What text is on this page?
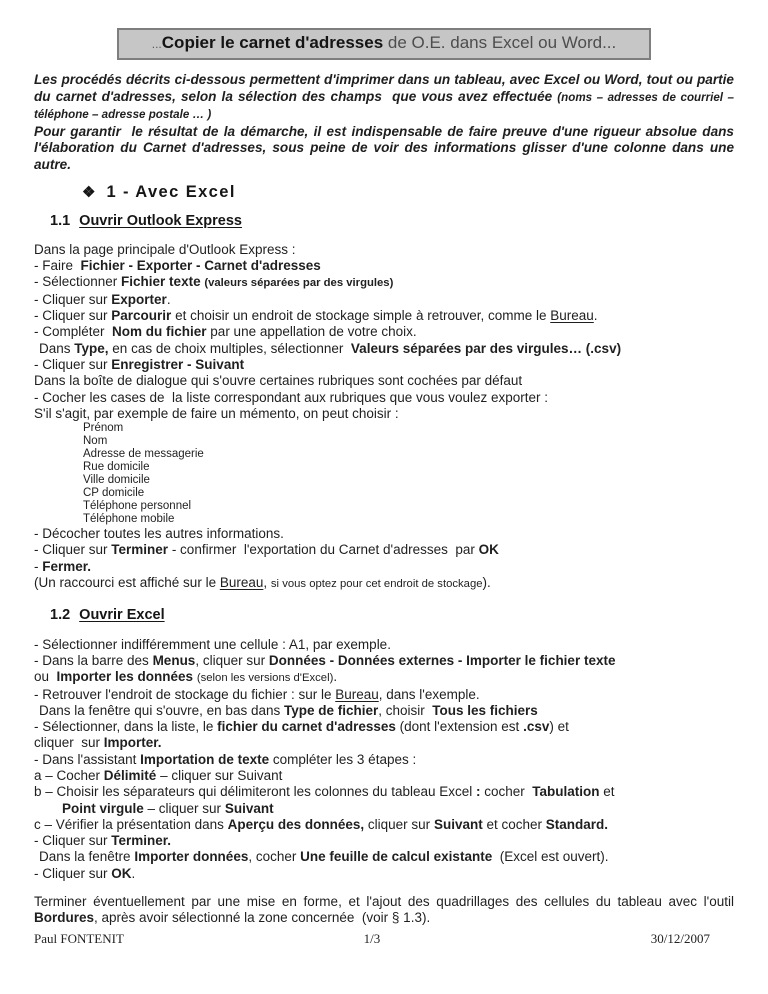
...Copier le carnet d'adresses de O.E. dans Excel ou Word...
Les procédés décrits ci-dessous permettent d'imprimer dans un tableau, avec Excel ou Word, tout ou partie du carnet d'adresses, selon la sélection des champs  que vous avez effectuée (noms – adresses de courriel – téléphone – adresse postale … )
Pour garantir  le résultat de la démarche, il est indispensable de faire preuve d'une rigueur absolue dans l'élaboration du Carnet d'adresses, sous peine de voir des informations glisser d'une colonne dans une autre.
❖ 1 - Avec Excel
1.1 Ouvrir Outlook Express
Dans la page principale d'Outlook Express :
- Faire  Fichier - Exporter - Carnet d'adresses
- Sélectionner Fichier texte (valeurs séparées par des virgules)
- Cliquer sur Exporter.
- Cliquer sur Parcourir et choisir un endroit de stockage simple à retrouver, comme le Bureau.
- Compléter  Nom du fichier par une appellation de votre choix.
Dans Type, en cas de choix multiples, sélectionner  Valeurs séparées par des virgules… (.csv)
- Cliquer sur Enregistrer - Suivant
Dans la boîte de dialogue qui s'ouvre certaines rubriques sont cochées par défaut
- Cocher les cases de  la liste correspondant aux rubriques que vous voulez exporter :
S'il s'agit, par exemple de faire un mémento, on peut choisir :
Prénom
Nom
Adresse de messagerie
Rue domicile
Ville domicile
CP domicile
Téléphone personnel
Téléphone mobile
- Décocher toutes les autres informations.
- Cliquer sur Terminer - confirmer  l'exportation du Carnet d'adresses  par OK
- Fermer.
(Un raccourci est affiché sur le Bureau, si vous optez pour cet endroit de stockage).
1.2 Ouvrir Excel
- Sélectionner indifféremment une cellule : A1, par exemple.
- Dans la barre des Menus, cliquer sur Données - Données externes - Importer le fichier texte
ou  Importer les données (selon les versions d'Excel).
- Retrouver l'endroit de stockage du fichier : sur le Bureau, dans l'exemple.
Dans la fenêtre qui s'ouvre, en bas dans Type de fichier, choisir  Tous les fichiers
- Sélectionner, dans la liste, le fichier du carnet d'adresses (dont l'extension est .csv) et
cliquer  sur Importer.
- Dans l'assistant Importation de texte compléter les 3 étapes :
a – Cocher Délimité – cliquer sur Suivant
b – Choisir les séparateurs qui délimiteront les colonnes du tableau Excel : cocher  Tabulation et
Point virgule – cliquer sur Suivant
c – Vérifier la présentation dans Aperçu des données, cliquer sur Suivant et cocher Standard.
- Cliquer sur Terminer.
Dans la fenêtre Importer données, cocher Une feuille de calcul existante  (Excel est ouvert).
- Cliquer sur OK.
Terminer éventuellement par une mise en forme, et l'ajout des quadrillages des cellules du tableau avec l'outil Bordures, après avoir sélectionné la zone concernée  (voir § 1.3).
Paul FONTENIT	1/3	30/12/2007
